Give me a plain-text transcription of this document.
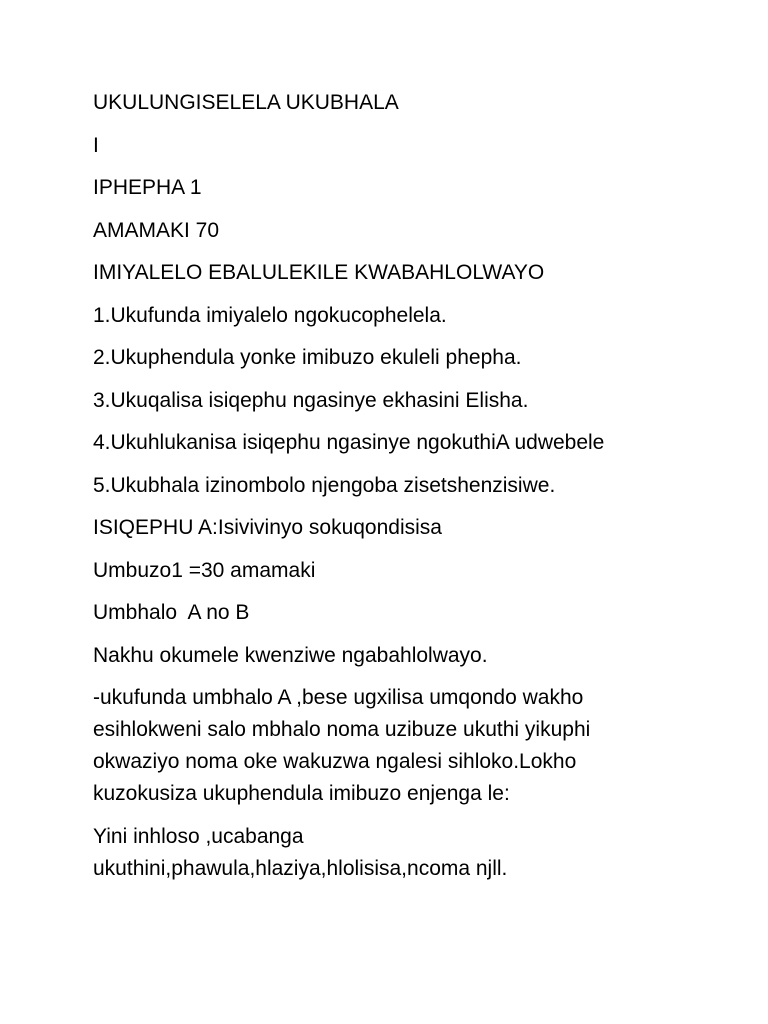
UKULUNGISELELA UKUBHALA
I
IPHEPHA 1
AMAMAKI 70
IMIYALELO EBALULEKILE KWABAHLOLWAYO
1.Ukufunda imiyalelo ngokucophelela.
2.Ukuphendula yonke imibuzo ekuleli phepha.
3.Ukuqalisa isiqephu ngasinye ekhasini Elisha.
4.Ukuhlukanisa isiqephu ngasinye ngokuthiA udwebele
5.Ukubhala izinombolo njengoba zisetshenzisiwe.
ISIQEPHU A:Isivivinyo sokuqondisisa
Umbuzo1 =30 amamaki
Umbhalo  A no B
Nakhu okumele kwenziwe ngabahlolwayo.
-ukufunda umbhalo A ,bese ugxilisa umqondo wakho
esihlokweni salo mbhalo noma uzibuze ukuthi yikuphi
okwaziyo noma oke wakuzwa ngalesi sihloko.Lokho
kuzokusiza ukuphendula imibuzo enjenga le:
Yini inhloso ,ucabanga
ukuthini,phawula,hlaziya,hlolisisa,ncoma njll.
